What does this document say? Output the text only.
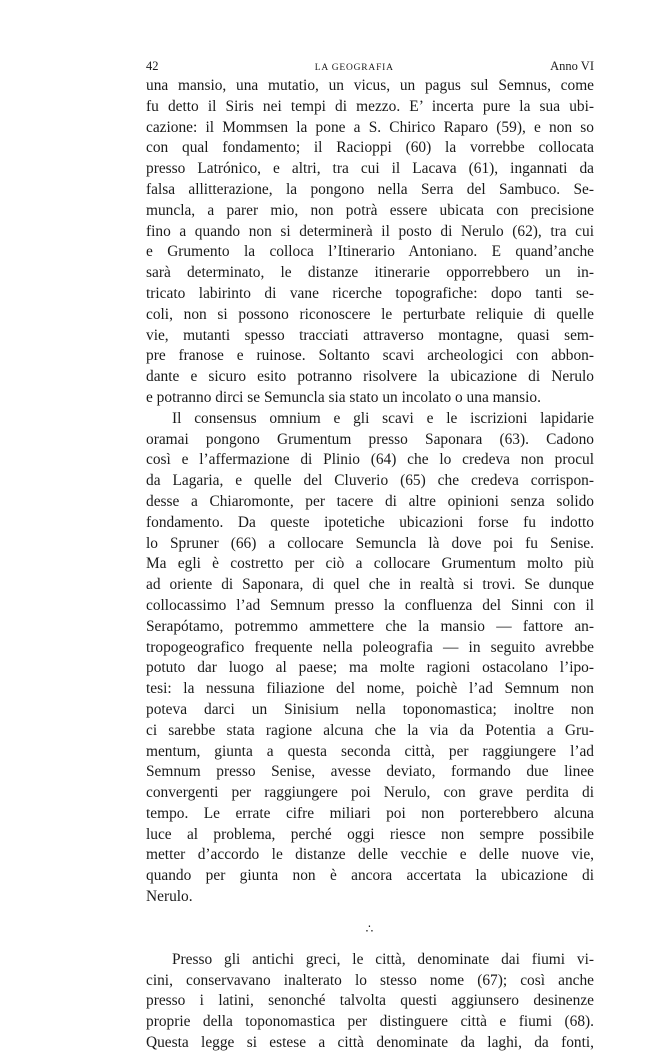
42	LA GEOGRAFIA	Anno VI
una mansio, una mutatio, un vicus, un pagus sul Semnus, come
fu detto il Siris nei tempi di mezzo. E’ incerta pure la sua ubi-
cazione: il Mommsen la pone a S. Chirico Raparo (59), e non so
con qual fondamento; il Racioppi (60) la vorrebbe collocata
presso Latrónico, e altri, tra cui il Lacava (61), ingannati da
falsa allitterazione, la pongono nella Serra del Sambuco. Se-
muncla, a parer mio, non potrà essere ubicata con precisione
fino a quando non si determinerà il posto di Nerulo (62), tra cui
e Grumento la colloca l’Itinerario Antoniano. E quand’anche
sarà determinato, le distanze itinerarie opporrebbero un in-
tricato labirinto di vane ricerche topografiche: dopo tanti se-
coli, non si possono riconoscere le perturbate reliquie di quelle
vie, mutanti spesso tracciati attraverso montagne, quasi sem-
pre franose e ruinose. Soltanto scavi archeologici con abbon-
dante e sicuro esito potranno risolvere la ubicazione di Nerulo
e potranno dirci se Semuncla sia stato un incolato o una mansio.
Il consensus omnium e gli scavi e le iscrizioni lapidarie
oramai pongono Grumentum presso Saponara (63). Cadono
così e l’affermazione di Plinio (64) che lo credeva non procul
da Lagaria, e quelle del Cluverio (65) che credeva corrispon-
desse a Chiaromonte, per tacere di altre opinioni senza solido
fondamento. Da queste ipotetiche ubicazioni forse fu indotto
lo Spruner (66) a collocare Semuncla là dove poi fu Senise.
Ma egli è costretto per ciò a collocare Grumentum molto più
ad oriente di Saponara, di quel che in realtà si trovi. Se dunque
collocassimo l’ad Semnum presso la confluenza del Sinni con il
Serapótamo, potremmo ammettere che la mansio — fattore an-
tropogeografico frequente nella poleografia — in seguito avrebbe
potuto dar luogo al paese; ma molte ragioni ostacolano l’ipo-
tesi: la nessuna filiazione del nome, poichè l’ad Semnum non
poteva darci un Sinisium nella toponomastica; inoltre non
ci sarebbe stata ragione alcuna che la via da Potentia a Gru-
mentum, giunta a questa seconda città, per raggiungere l’ad
Semnum presso Senise, avesse deviato, formando due linee
convergenti per raggiungere poi Nerulo, con grave perdita di
tempo. Le errate cifre miliari poi non porterebbero alcuna
luce al problema, perché oggi riesce non sempre possibile
metter d’accordo le distanze delle vecchie e delle nuove vie,
quando per giunta non è ancora accertata la ubicazione di
Nerulo.
∴
Presso gli antichi greci, le città, denominate dai fiumi vi-
cini, conservavano inalterato lo stesso nome (67); così anche
presso i latini, senonché talvolta questi aggiunsero desinenze
proprie della toponomastica per distinguere città e fiumi (68).
Questa legge si estese a città denominate da laghi, da fonti,
